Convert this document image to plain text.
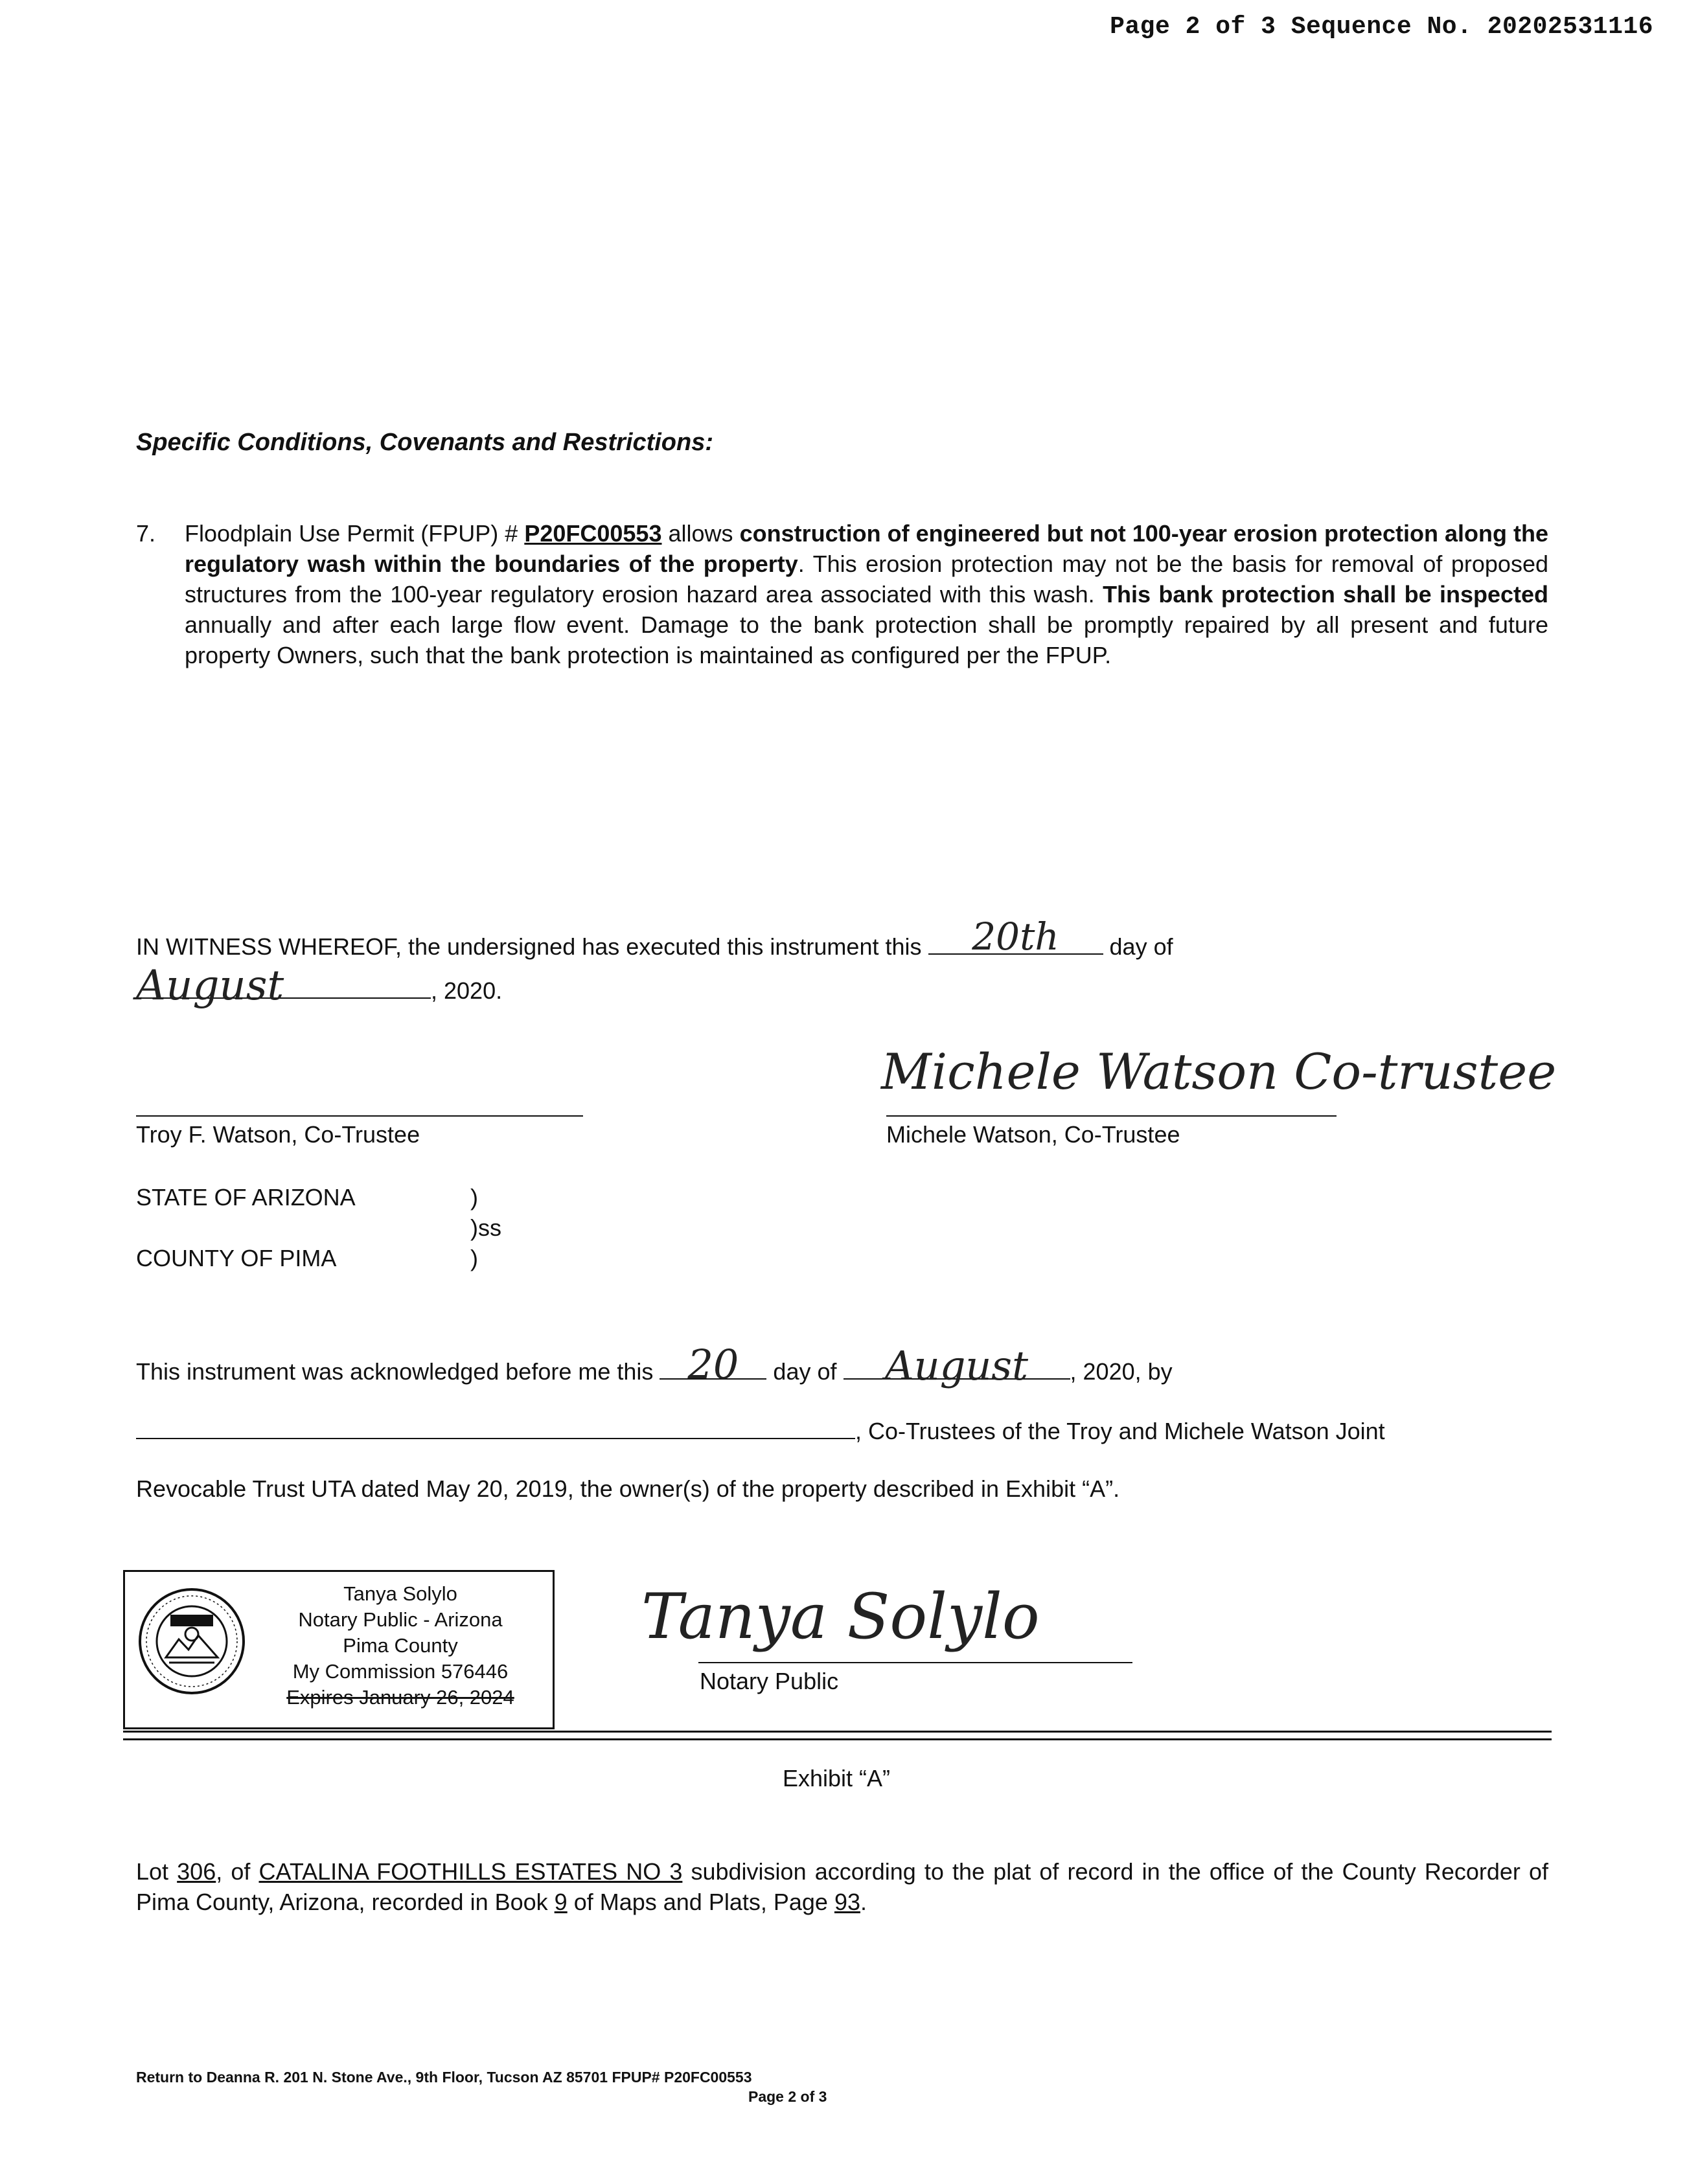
Page 2 of 3 Sequence No. 20202531116
Specific Conditions, Covenants and Restrictions:
7. Floodplain Use Permit (FPUP) # P20FC00553 allows construction of engineered but not 100-year erosion protection along the regulatory wash within the boundaries of the property. This erosion protection may not be the basis for removal of proposed structures from the 100-year regulatory erosion hazard area associated with this wash. This bank protection shall be inspected annually and after each large flow event. Damage to the bank protection shall be promptly repaired by all present and future property Owners, such that the bank protection is maintained as configured per the FPUP.
IN WITNESS WHEREOF, the undersigned has executed this instrument this	20th	day of
August	, 2020.
Troy F. Watson, Co-Trustee
Michele Watson Co-trustee
Michele Watson, Co-Trustee
STATE OF ARIZONA	)
)ss
COUNTY OF PIMA	)
This instrument was acknowledged before me this 20	day of	August	, 2020, by
, Co-Trustees of the Troy and Michele Watson Joint
Revocable Trust UTA dated May 20, 2019, the owner(s) of the property described in Exhibit “A”.
Tanya Solylo
Notary Public - Arizona
Pima County
My Commission 576446
Expires January 26, 2024
Tanya Solylo
Notary Public
Exhibit “A”
Lot 306, of CATALINA FOOTHILLS ESTATES NO 3 subdivision according to the plat of record in the office of the County Recorder of Pima County, Arizona, recorded in Book 9 of Maps and Plats, Page 93.
Return to Deanna R. 201 N. Stone Ave., 9th Floor, Tucson AZ 85701 FPUP# P20FC00553
Page 2 of 3
